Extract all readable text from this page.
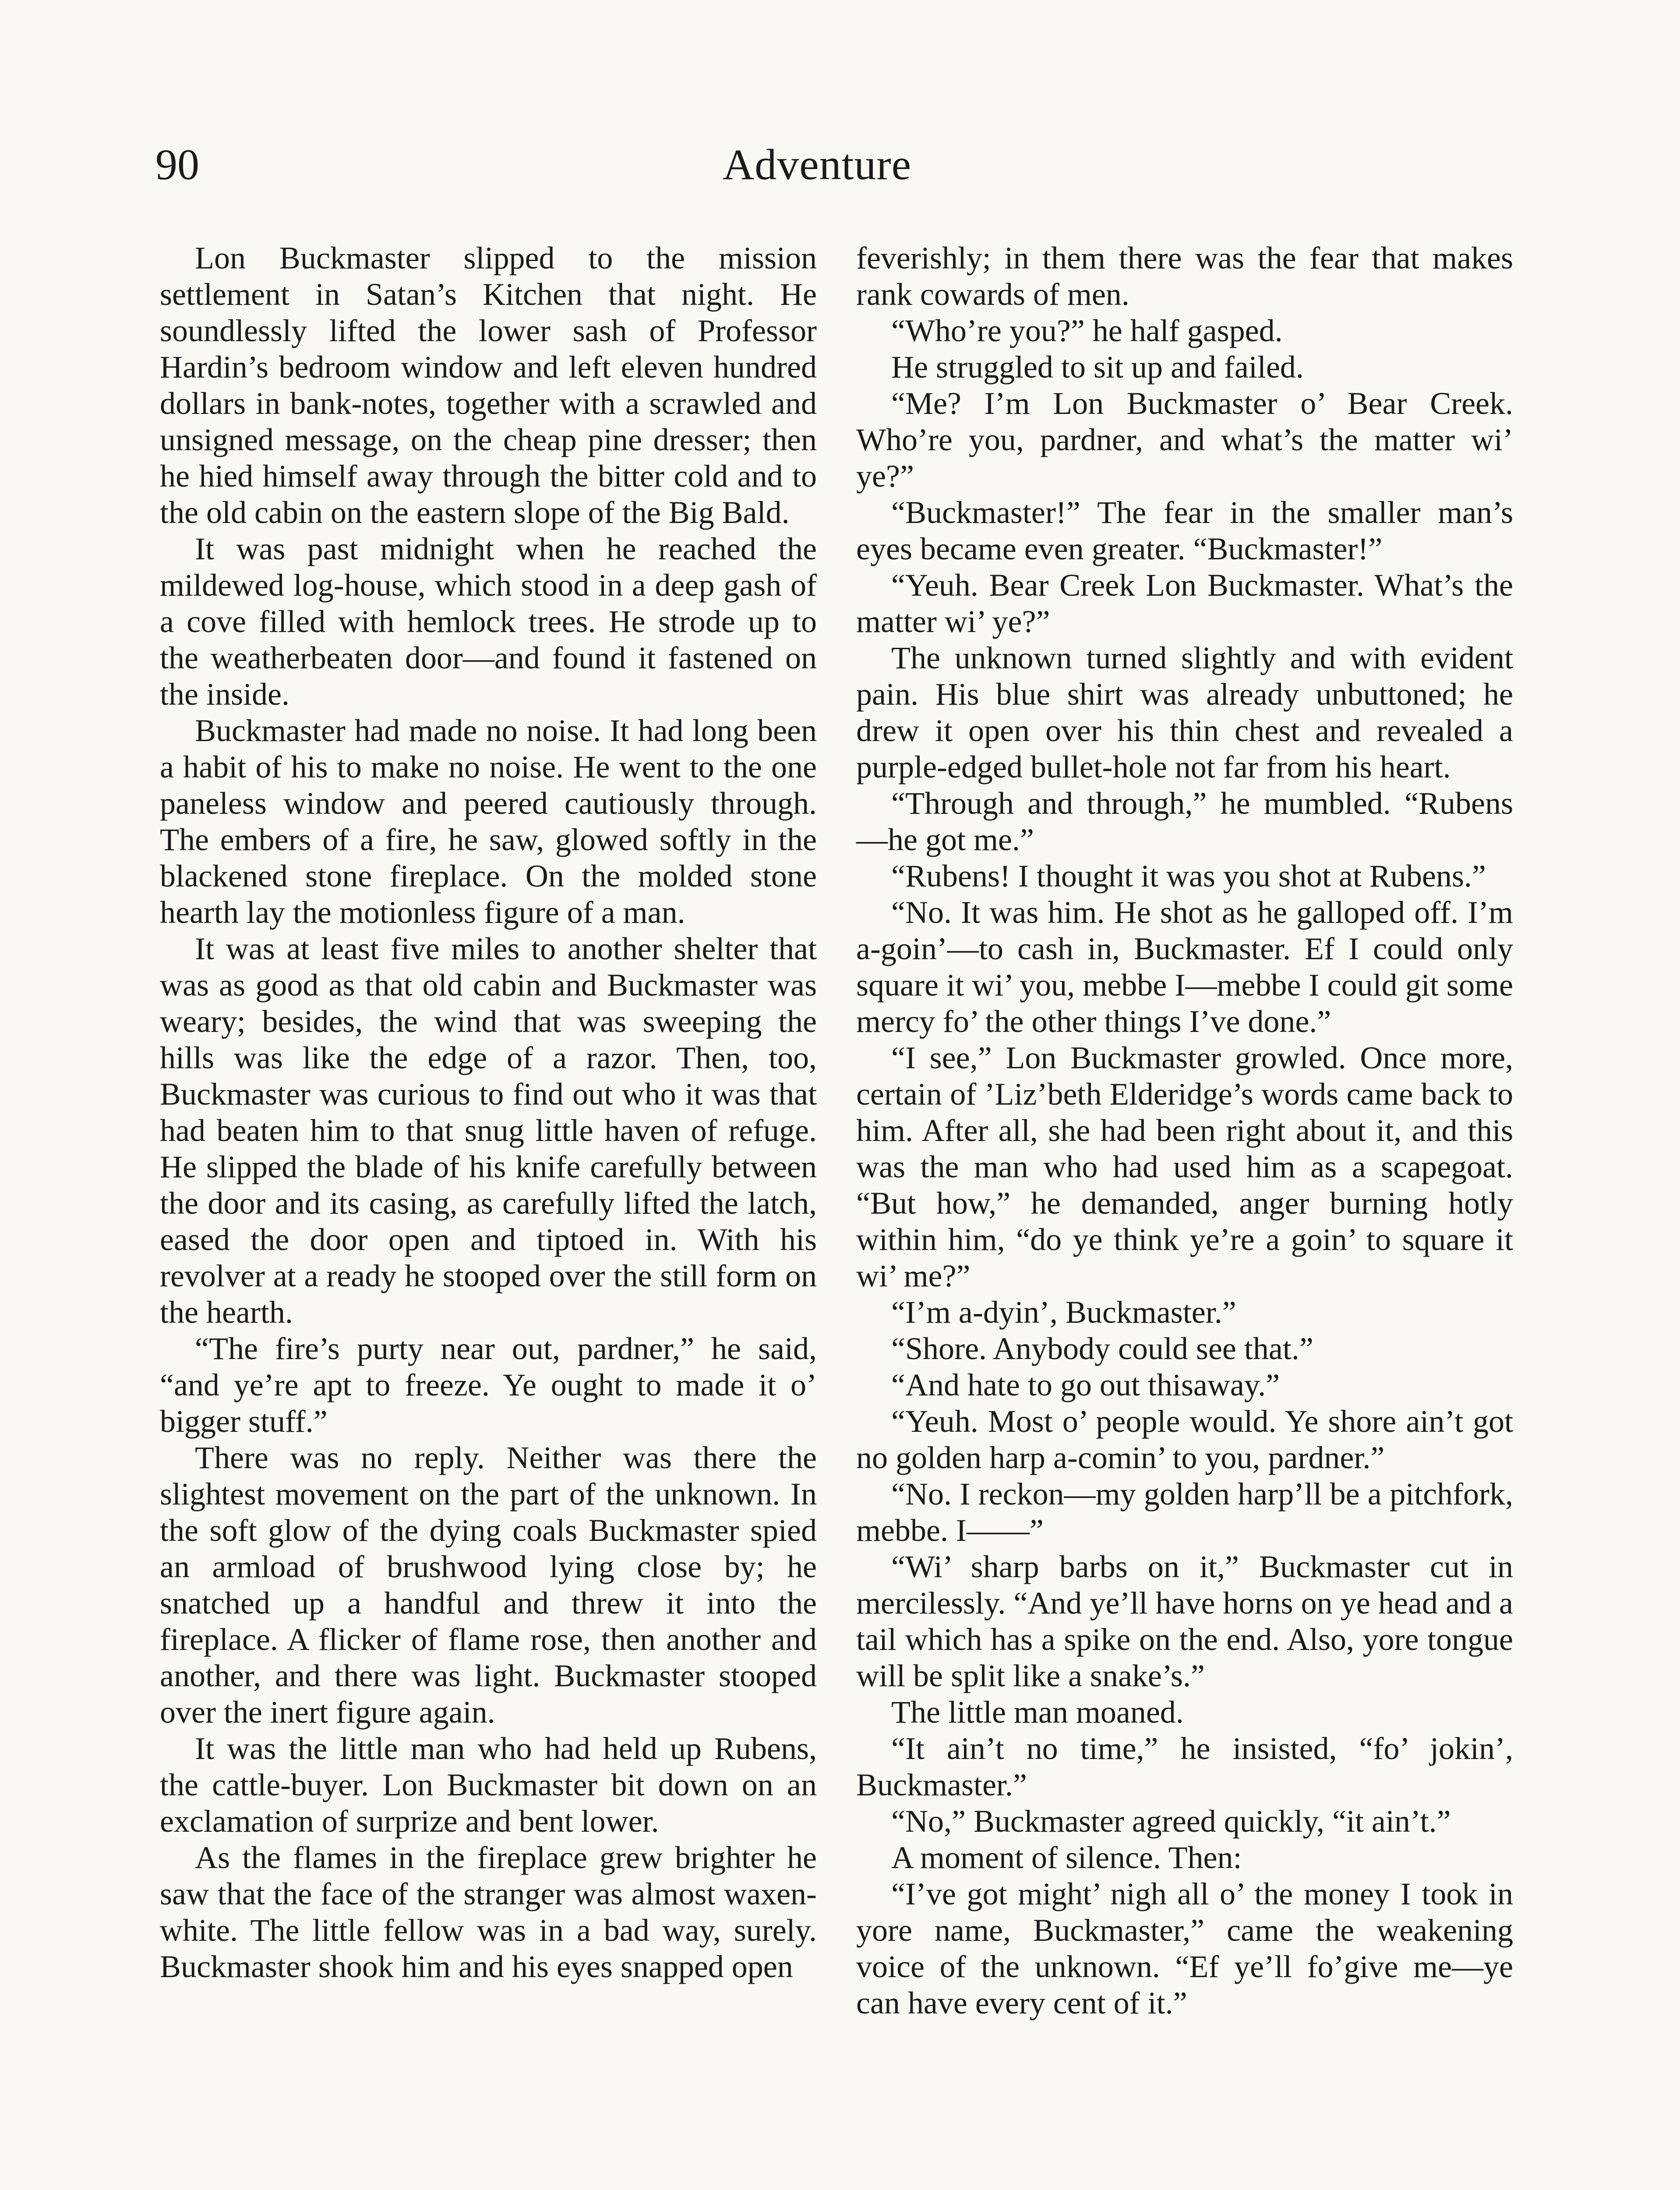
90	Adventure

Lon Buckmaster slipped to the mission settlement in Satan’s Kitchen that night. He soundlessly lifted the lower sash of Professor Hardin’s bedroom window and left eleven hundred dollars in bank-notes, together with a scrawled and unsigned message, on the cheap pine dresser; then he hied himself away through the bitter cold and to the old cabin on the eastern slope of the Big Bald.

It was past midnight when he reached the mildewed log-house, which stood in a deep gash of a cove filled with hemlock trees. He strode up to the weatherbeaten door—and found it fastened on the inside.

Buckmaster had made no noise. It had long been a habit of his to make no noise. He went to the one paneless window and peered cautiously through. The embers of a fire, he saw, glowed softly in the blackened stone fireplace. On the molded stone hearth lay the motionless figure of a man.

It was at least five miles to another shelter that was as good as that old cabin and Buckmaster was weary; besides, the wind that was sweeping the hills was like the edge of a razor. Then, too, Buckmaster was curious to find out who it was that had beaten him to that snug little haven of refuge. He slipped the blade of his knife carefully between the door and its casing, as carefully lifted the latch, eased the door open and tiptoed in. With his revolver at a ready he stooped over the still form on the hearth.

“The fire’s purty near out, pardner,” he said, “and ye’re apt to freeze. Ye ought to made it o’ bigger stuff.”

There was no reply. Neither was there the slightest movement on the part of the unknown. In the soft glow of the dying coals Buckmaster spied an armload of brushwood lying close by; he snatched up a handful and threw it into the fireplace. A flicker of flame rose, then another and another, and there was light. Buckmaster stooped over the inert figure again.

It was the little man who had held up Rubens, the cattle-buyer. Lon Buckmaster bit down on an exclamation of surprize and bent lower.

As the flames in the fireplace grew brighter he saw that the face of the stranger was almost waxen-white. The little fellow was in a bad way, surely. Buckmaster shook him and his eyes snapped open

feverishly; in them there was the fear that makes rank cowards of men.

“Who’re you?” he half gasped.

He struggled to sit up and failed.

“Me? I’m Lon Buckmaster o’ Bear Creek. Who’re you, pardner, and what’s the matter wi’ ye?”

“Buckmaster!” The fear in the smaller man’s eyes became even greater. “Buckmaster!”

“Yeuh. Bear Creek Lon Buckmaster. What’s the matter wi’ ye?”

The unknown turned slightly and with evident pain. His blue shirt was already unbuttoned; he drew it open over his thin chest and revealed a purple-edged bullet-hole not far from his heart.

“Through and through,” he mumbled. “Rubens—he got me.”

“Rubens! I thought it was you shot at Rubens.”

“No. It was him. He shot as he galloped off. I’m a-goin’—to cash in, Buckmaster. Ef I could only square it wi’ you, mebbe I—mebbe I could git some mercy fo’ the other things I’ve done.”

“I see,” Lon Buckmaster growled. Once more, certain of ’Liz’beth Elderidge’s words came back to him. After all, she had been right about it, and this was the man who had used him as a scapegoat. “But how,” he demanded, anger burning hotly within him, “do ye think ye’re a goin’ to square it wi’ me?”

“I’m a-dyin’, Buckmaster.”

“Shore. Anybody could see that.”

“And hate to go out thisaway.”

“Yeuh. Most o’ people would. Ye shore ain’t got no golden harp a-comin’ to you, pardner.”

“No. I reckon—my golden harp’ll be a pitchfork, mebbe. I——”

“Wi’ sharp barbs on it,” Buckmaster cut in mercilessly. “And ye’ll have horns on ye head and a tail which has a spike on the end. Also, yore tongue will be split like a snake’s.”

The little man moaned.

“It ain’t no time,” he insisted, “fo’ jokin’, Buckmaster.”

“No,” Buckmaster agreed quickly, “it ain’t.”

A moment of silence. Then:

“I’ve got might’ nigh all o’ the money I took in yore name, Buckmaster,” came the weakening voice of the unknown. “Ef ye’ll fo’give me—ye can have every cent of it.”
